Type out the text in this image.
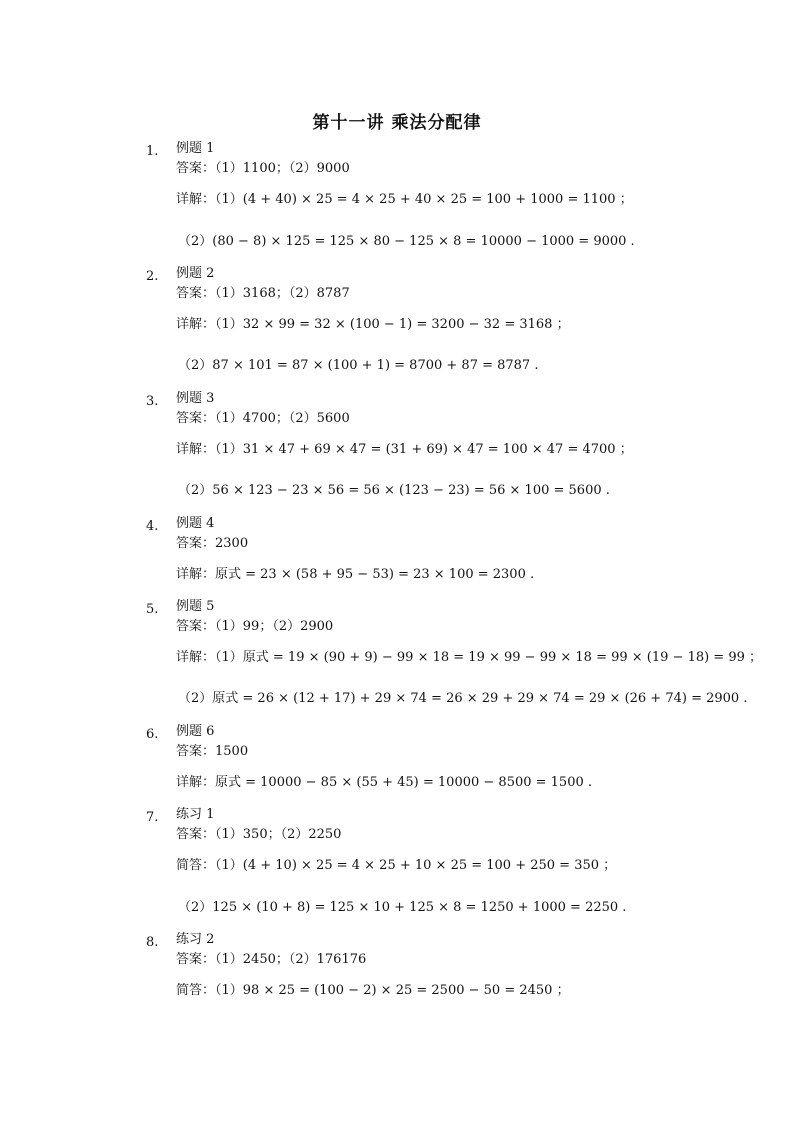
第十一讲 乘法分配律
1. 例题 1
答案：（1）1100；（2）9000
详解：（1）(4 + 40) × 25 = 4 × 25 + 40 × 25 = 100 + 1000 = 1100 ；
（2）(80 − 8) × 125 = 125 × 80 − 125 × 8 = 10000 − 1000 = 9000 .
2. 例题 2
答案：（1）3168；（2）8787
详解：（1）32 × 99 = 32 × (100 − 1) = 3200 − 32 = 3168 ；
（2）87 × 101 = 87 × (100 + 1) = 8700 + 87 = 8787 .
3. 例题 3
答案：（1）4700；（2）5600
详解：（1）31 × 47 + 69 × 47 = (31 + 69) × 47 = 100 × 47 = 4700 ；
（2）56 × 123 − 23 × 56 = 56 × (123 − 23) = 56 × 100 = 5600 .
4. 例题 4
答案：2300
详解：原式 = 23 × (58 + 95 − 53) = 23 × 100 = 2300 .
5. 例题 5
答案：（1）99；（2）2900
详解：（1）原式 = 19 × (90 + 9) − 99 × 18 = 19 × 99 − 99 × 18 = 99 × (19 − 18) = 99 ；
（2）原式 = 26 × (12 + 17) + 29 × 74 = 26 × 29 + 29 × 74 = 29 × (26 + 74) = 2900 .
6. 例题 6
答案：1500
详解：原式 = 10000 − 85 × (55 + 45) = 10000 − 8500 = 1500 .
7. 练习 1
答案：（1）350；（2）2250
简答：（1）(4 + 10) × 25 = 4 × 25 + 10 × 25 = 100 + 250 = 350 ；
（2）125 × (10 + 8) = 125 × 10 + 125 × 8 = 1250 + 1000 = 2250 .
8. 练习 2
答案：（1）2450；（2）176176
简答：（1）98 × 25 = (100 − 2) × 25 = 2500 − 50 = 2450 ；
